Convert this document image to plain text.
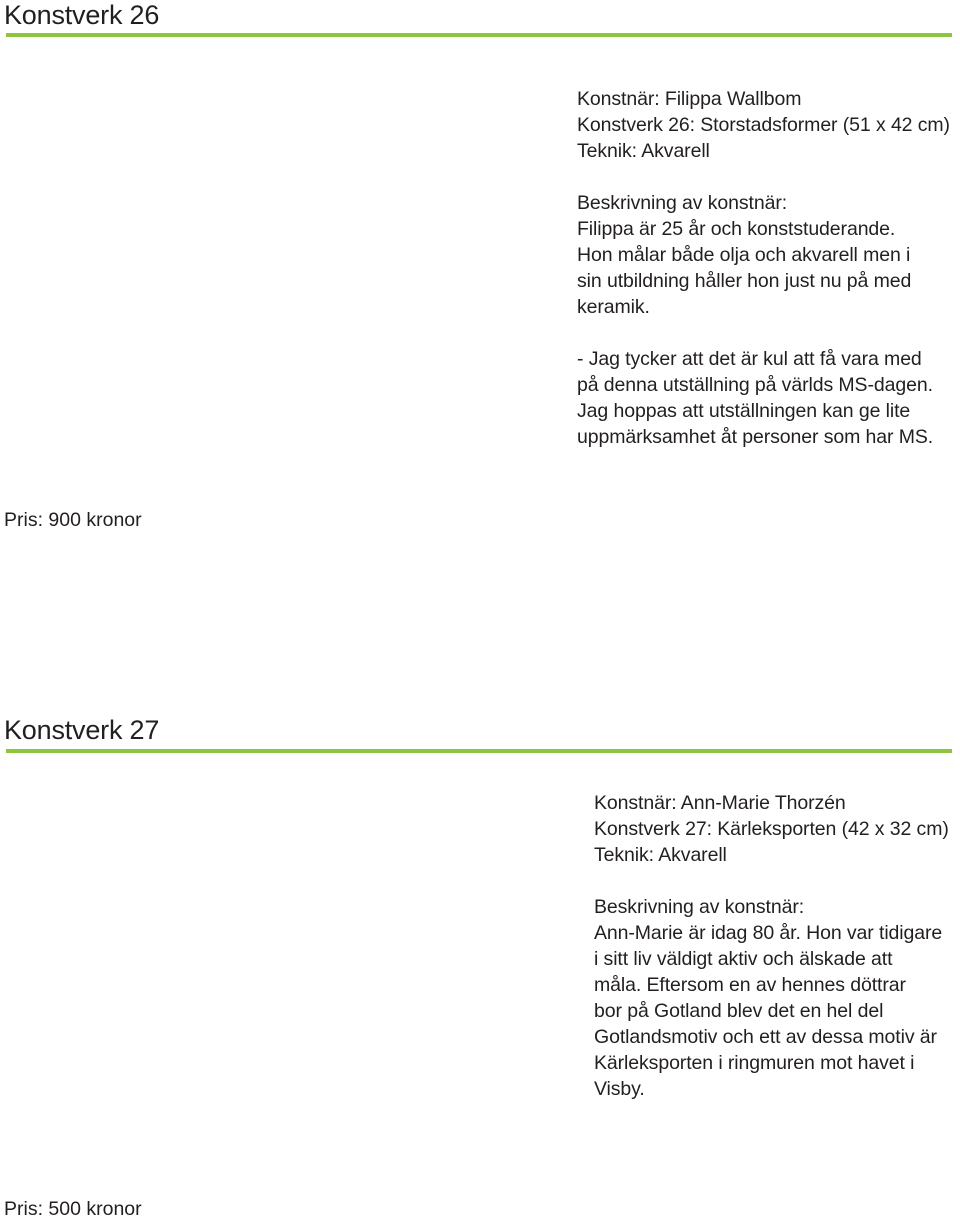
Konstverk 26
Konstnär: Filippa Wallbom
Konstverk 26: Storstadsformer (51 x 42 cm)
Teknik: Akvarell
Beskrivning av konstnär:
Filippa är 25 år och konststuderande.
Hon målar både olja och akvarell men i
sin utbildning håller hon just nu på med
keramik.
- Jag tycker att det är kul att få vara med
på denna utställning på världs MS-dagen.
Jag hoppas att utställningen kan ge lite
uppmärksamhet åt personer som har MS.
Pris: 900 kronor
Konstverk 27
Konstnär: Ann-Marie Thorzén
Konstverk 27: Kärleksporten (42 x 32 cm)
Teknik: Akvarell
Beskrivning av konstnär:
Ann-Marie är idag 80 år. Hon var tidigare
i sitt liv väldigt aktiv och älskade att
måla. Eftersom en av hennes döttrar
bor på Gotland blev det en hel del
Gotlandsmotiv och ett av dessa motiv är
Kärleksporten i ringmuren mot havet i
Visby.
Pris: 500 kronor
